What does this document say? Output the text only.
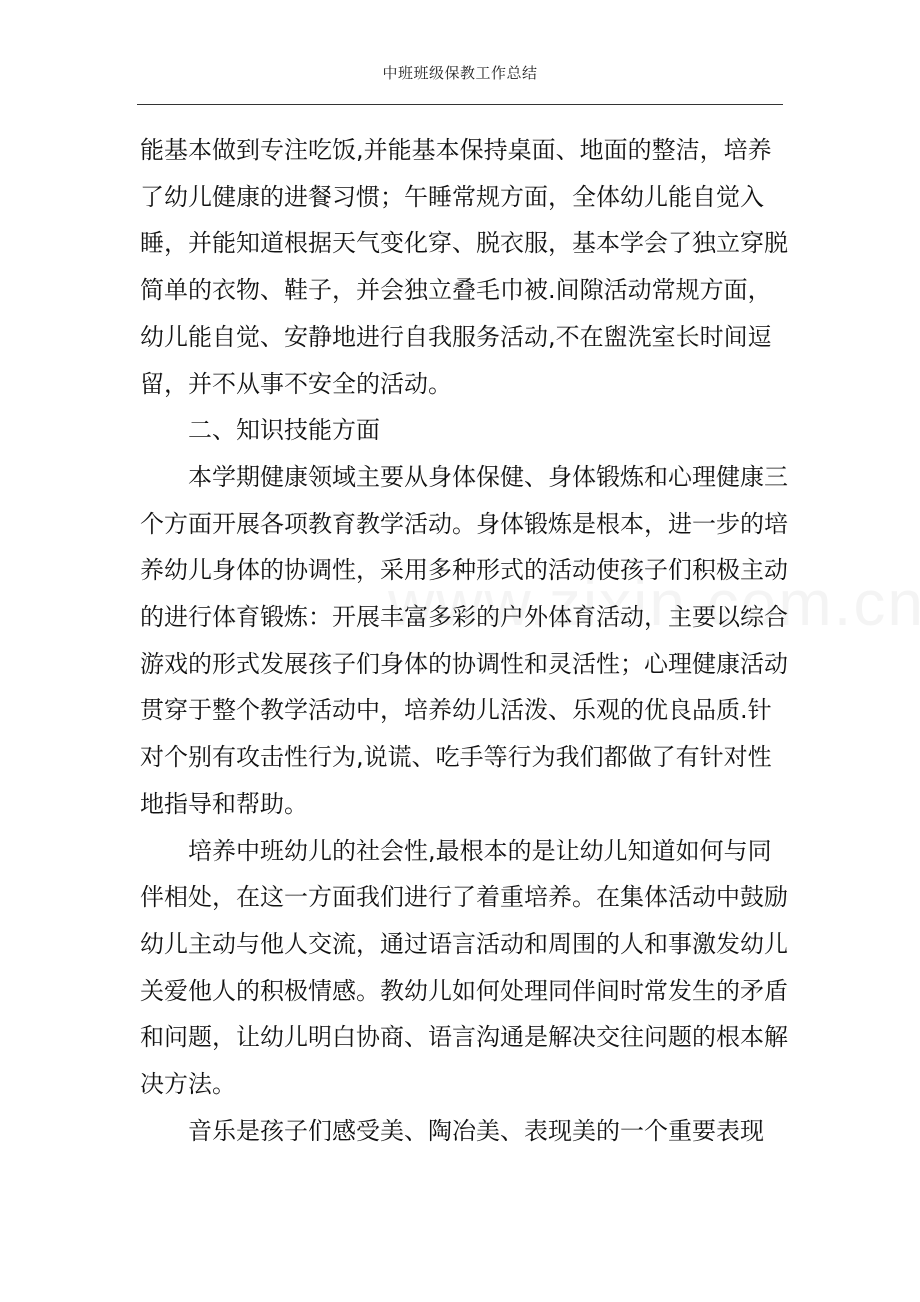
中班班级保教工作总结

能基本做到专注吃饭,并能基本保持桌面、地面的整洁，培养了幼儿健康的进餐习惯；午睡常规方面，全体幼儿能自觉入睡，并能知道根据天气变化穿、脱衣服，基本学会了独立穿脱简单的衣物、鞋子，并会独立叠毛巾被.间隙活动常规方面，幼儿能自觉、安静地进行自我服务活动,不在盥洗室长时间逗留，并不从事不安全的活动。

二、知识技能方面

本学期健康领域主要从身体保健、身体锻炼和心理健康三个方面开展各项教育教学活动。身体锻炼是根本，进一步的培养幼儿身体的协调性，采用多种形式的活动使孩子们积极主动的进行体育锻炼：开展丰富多彩的户外体育活动，主要以综合游戏的形式发展孩子们身体的协调性和灵活性；心理健康活动贯穿于整个教学活动中，培养幼儿活泼、乐观的优良品质.针对个别有攻击性行为,说谎、吃手等行为我们都做了有针对性地指导和帮助。

培养中班幼儿的社会性,最根本的是让幼儿知道如何与同伴相处，在这一方面我们进行了着重培养。在集体活动中鼓励幼儿主动与他人交流，通过语言活动和周围的人和事激发幼儿关爱他人的积极情感。教幼儿如何处理同伴间时常发生的矛盾和问题，让幼儿明白协商、语言沟通是解决交往问题的根本解决方法。

音乐是孩子们感受美、陶冶美、表现美的一个重要表现
